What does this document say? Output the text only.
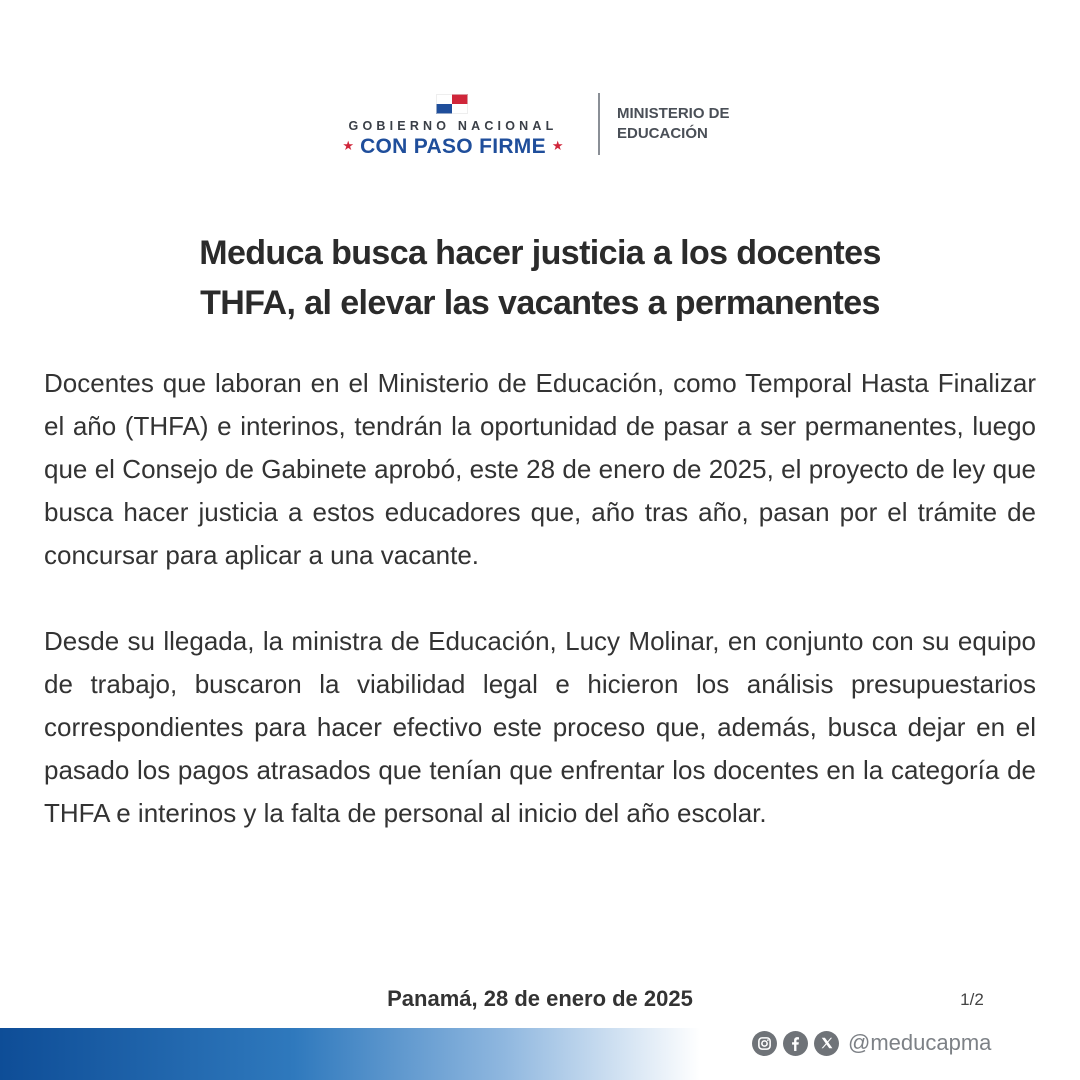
GOBIERNO NACIONAL
★ CON PASO FIRME ★
MINISTERIO DE
EDUCACIÓN
Meduca busca hacer justicia a los docentes
THFA, al elevar las vacantes a permanentes

Docentes que laboran en el Ministerio de Educación, como Temporal Hasta Finalizar el año (THFA) e interinos, tendrán la oportunidad de pasar a ser permanentes, luego que el Consejo de Gabinete aprobó, este 28 de enero de 2025, el proyecto de ley que busca hacer justicia a estos educadores que, año tras año, pasan por el trámite de concursar para aplicar a una vacante.

Desde su llegada, la ministra de Educación, Lucy Molinar, en conjunto con su equipo de trabajo, buscaron la viabilidad legal e hicieron los análisis presupuestarios correspondientes para hacer efectivo este proceso que, además, busca dejar en el pasado los pagos atrasados que tenían que enfrentar los docentes en la categoría de THFA e interinos y la falta de personal al inicio del año escolar.

Panamá, 28 de enero de 2025	1/2
@meducapma
